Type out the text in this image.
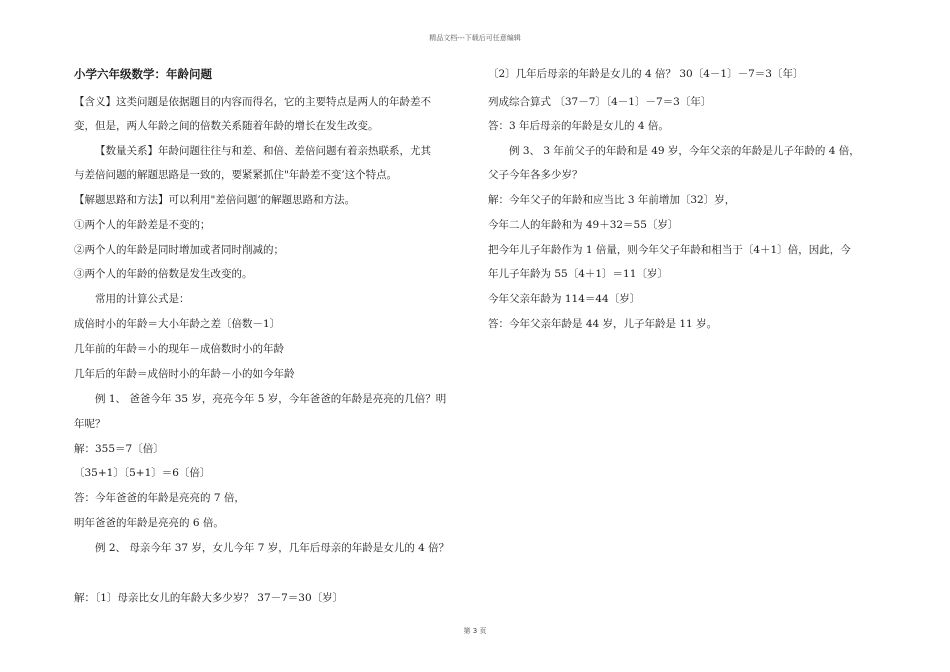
精品文档---下载后可任意编辑
小学六年级数学：年龄问题
【含义】这类问题是依据题目的内容而得名，它的主要特点是两人的年龄差不
变，但是，两人年龄之间的倍数关系随着年龄的增长在发生改变。
【数量关系】年龄问题往往与和差、和倍、差倍问题有着亲热联系，尤其
与差倍问题的解题思路是一致的，要紧紧抓住"年龄差不变’这个特点。
【解题思路和方法】可以利用"差倍问题’的解题思路和方法。
①两个人的年龄差是不变的；
②两个人的年龄是同时增加或者同时削减的；
③两个人的年龄的倍数是发生改变的。
常用的计算公式是：
成倍时小的年龄＝大小年龄之差〔倍数－1〕
几年前的年龄＝小的现年－成倍数时小的年龄
几年后的年龄＝成倍时小的年龄－小的如今年龄
例 1、 爸爸今年 35 岁，亮亮今年 5 岁，今年爸爸的年龄是亮亮的几倍？明
年呢？
解：355＝7〔倍〕
〔35+1〕〔5+1〕＝6〔倍〕
答：今年爸爸的年龄是亮亮的 7 倍，
明年爸爸的年龄是亮亮的 6 倍。
例 2、 母亲今年 37 岁，女儿今年 7 岁，几年后母亲的年龄是女儿的 4 倍？
解：〔1〕母亲比女儿的年龄大多少岁？ 37－7＝30〔岁〕
〔2〕几年后母亲的年龄是女儿的 4 倍？ 30〔4－1〕－7＝3〔年〕
列成综合算式 〔37－7〕〔4－1〕－7＝3〔年〕
答：3 年后母亲的年龄是女儿的 4 倍。
例 3、 3 年前父子的年龄和是 49 岁，今年父亲的年龄是儿子年龄的 4 倍，
父子今年各多少岁？
解：今年父子的年龄和应当比 3 年前增加〔32〕岁，
今年二人的年龄和为 49＋32＝55〔岁〕
把今年儿子年龄作为 1 倍量，则今年父子年龄和相当于〔4＋1〕倍，因此，今
年儿子年龄为 55〔4＋1〕＝11〔岁〕
今年父亲年龄为 114＝44〔岁〕
答：今年父亲年龄是 44 岁，儿子年龄是 11 岁。
第 3 页
